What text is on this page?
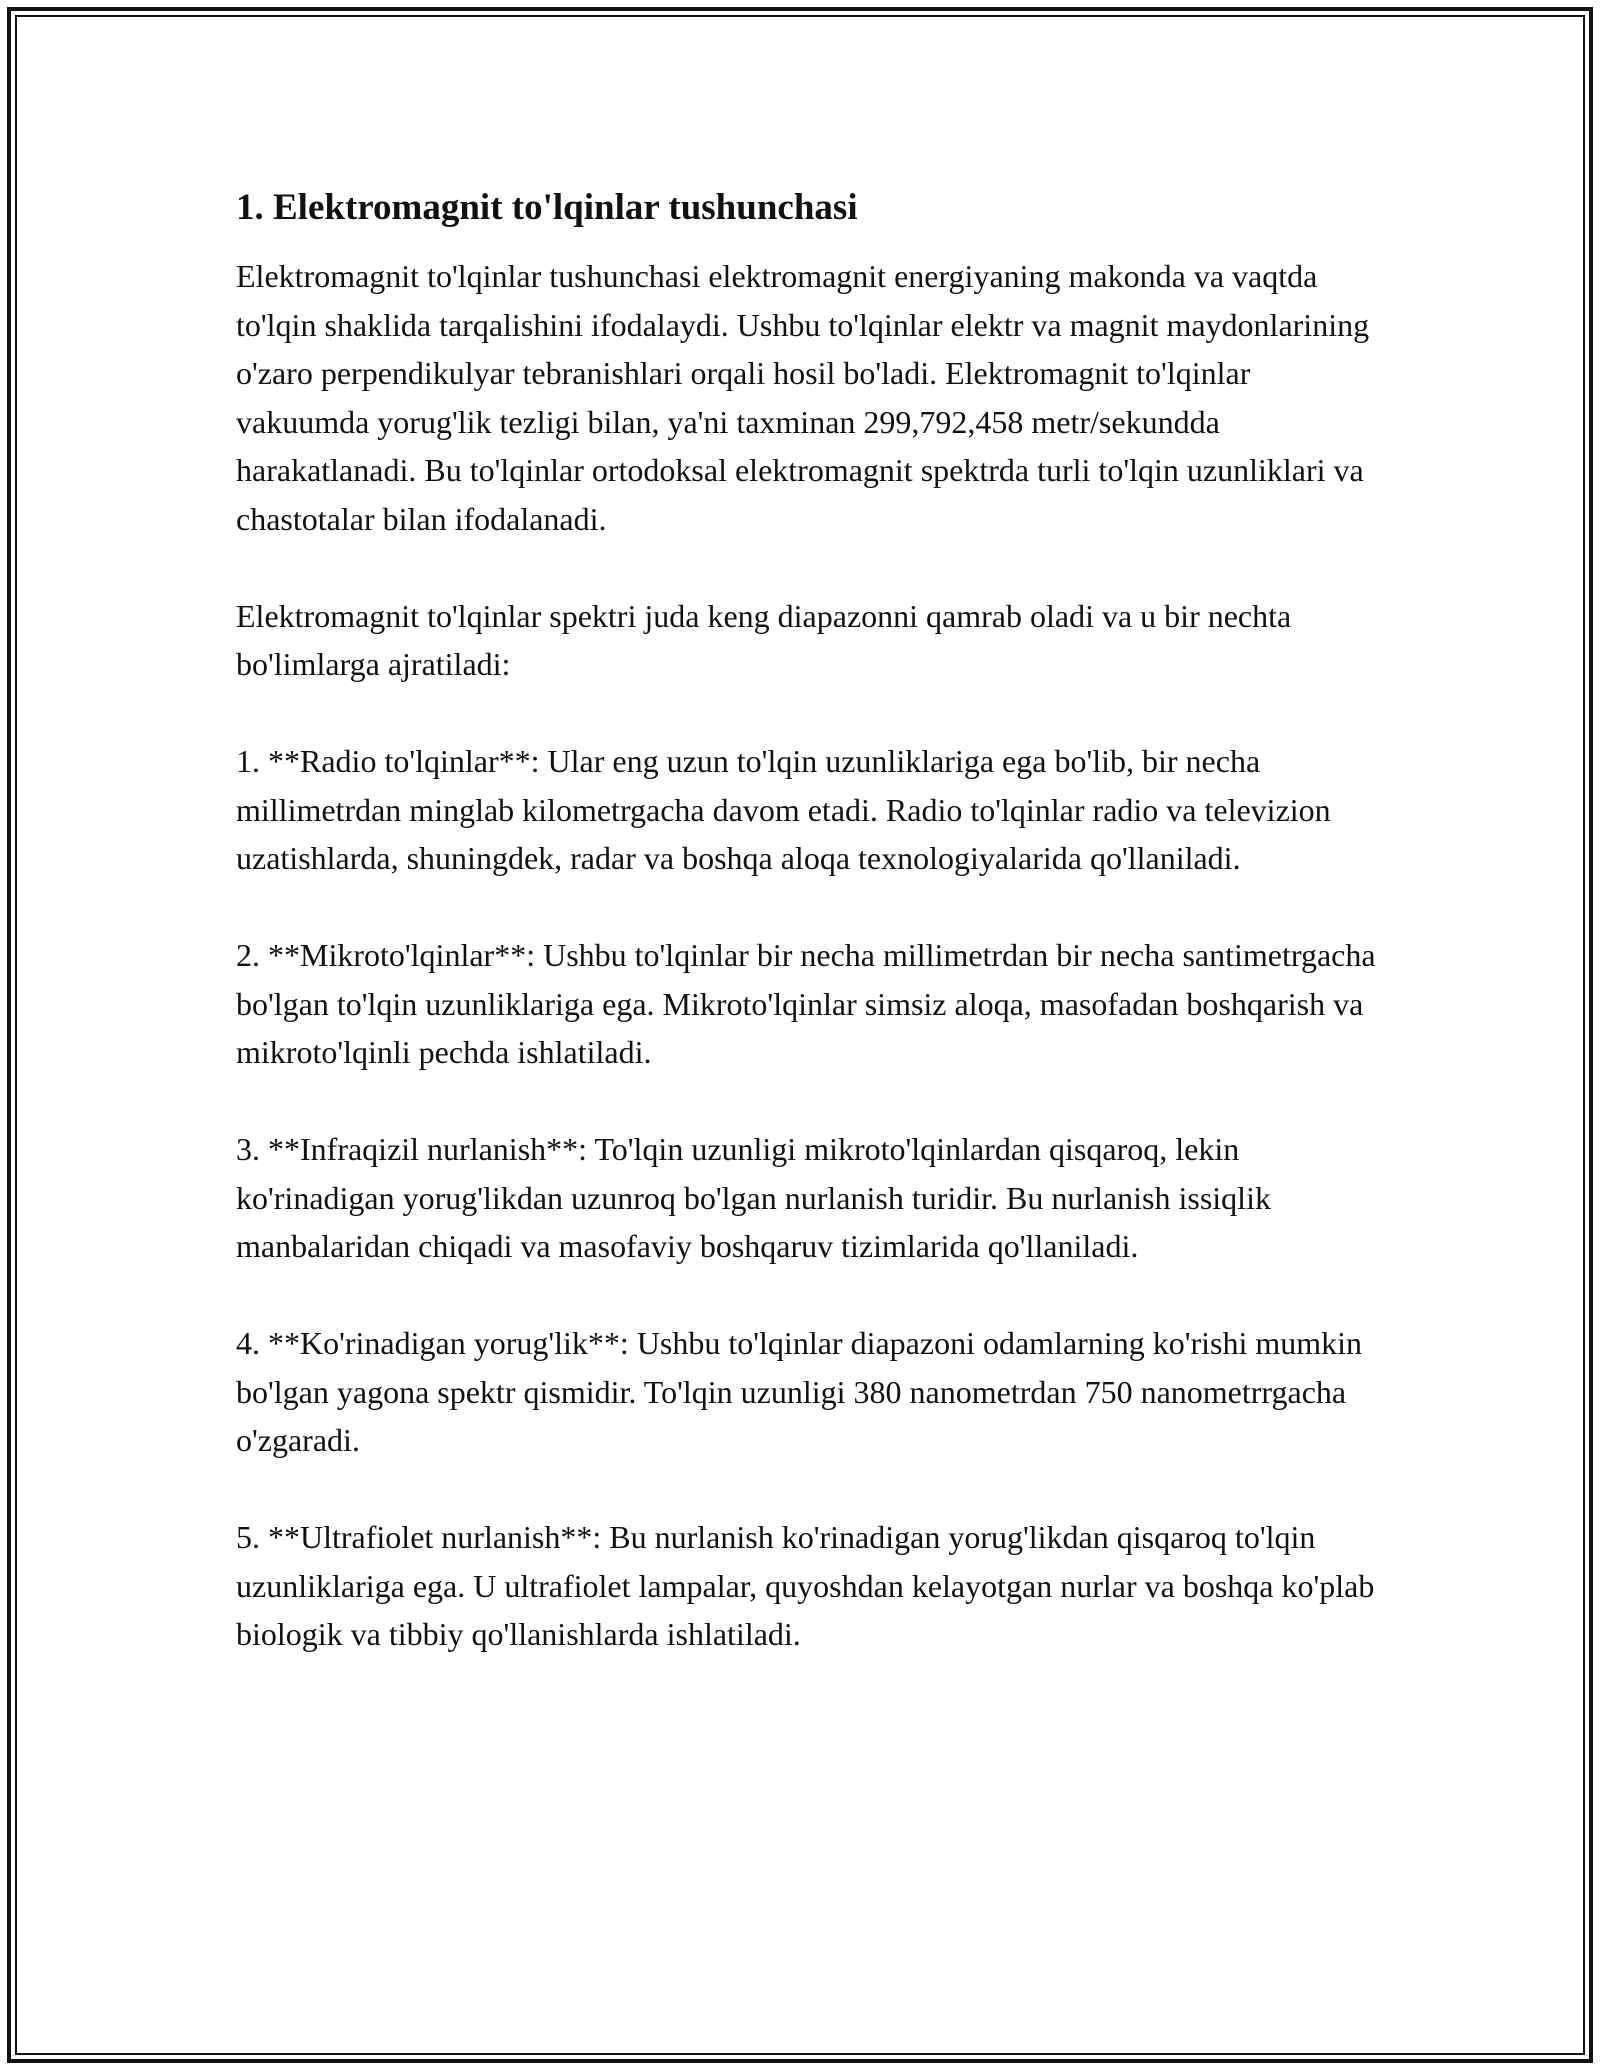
1. Elektromagnit to'lqinlar tushunchasi

Elektromagnit to'lqinlar tushunchasi elektromagnit energiyaning makonda va vaqtda to'lqin shaklida tarqalishini ifodalaydi. Ushbu to'lqinlar elektr va magnit maydonlarining o'zaro perpendikulyar tebranishlari orqali hosil bo'ladi. Elektromagnit to'lqinlar vakuumda yorug'lik tezligi bilan, ya'ni taxminan 299,792,458 metr/sekundda harakatlanadi. Bu to'lqinlar ortodoksal elektromagnit spektrda turli to'lqin uzunliklari va chastotalar bilan ifodalanadi.

Elektromagnit to'lqinlar spektri juda keng diapazonni qamrab oladi va u bir nechta bo'limlarga ajratiladi:

1. **Radio to'lqinlar**: Ular eng uzun to'lqin uzunliklariga ega bo'lib, bir necha millimetrdan minglab kilometrgacha davom etadi. Radio to'lqinlar radio va televizion uzatishlarda, shuningdek, radar va boshqa aloqa texnologiyalarida qo'llaniladi.

2. **Mikroto'lqinlar**: Ushbu to'lqinlar bir necha millimetrdan bir necha santimetrgacha bo'lgan to'lqin uzunliklariga ega. Mikroto'lqinlar simsiz aloqa, masofadan boshqarish va mikroto'lqinli pechda ishlatiladi.

3. **Infraqizil nurlanish**: To'lqin uzunligi mikroto'lqinlardan qisqaroq, lekin ko'rinadigan yorug'likdan uzunroq bo'lgan nurlanish turidir. Bu nurlanish issiqlik manbalaridan chiqadi va masofaviy boshqaruv tizimlarida qo'llaniladi.

4. **Ko'rinadigan yorug'lik**: Ushbu to'lqinlar diapazoni odamlarning ko'rishi mumkin bo'lgan yagona spektr qismidir. To'lqin uzunligi 380 nanometrdan 750 nanometrrgacha o'zgaradi.

5. **Ultrafiolet nurlanish**: Bu nurlanish ko'rinadigan yorug'likdan qisqaroq to'lqin uzunliklariga ega. U ultrafiolet lampalar, quyoshdan kelayotgan nurlar va boshqa ko'plab biologik va tibbiy qo'llanishlarda ishlatiladi.
